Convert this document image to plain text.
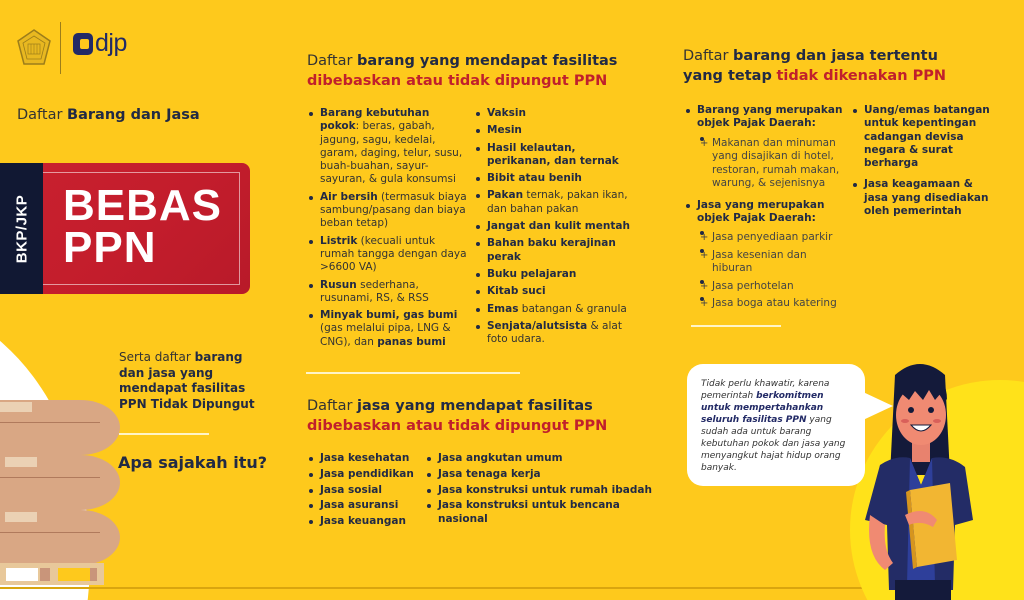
djp
Daftar Barang dan Jasa
BKP/JKP BEBAS
PPN
Serta daftar barang dan jasa yang mendapat fasilitas PPN Tidak Dipungut
Apa sajakah itu?
Daftar barang yang mendapat fasilitas
dibebaskan atau tidak dipungut PPN
Barang kebutuhan pokok: beras, gabah, jagung, sagu, kedelai, garam, daging, telur, susu, buah-buahan, sayur-sayuran, & gula konsumsi
Air bersih (termasuk biaya sambung/pasang dan biaya beban tetap)
Listrik (kecuali untuk rumah tangga dengan daya >6600 VA)
Rusun sederhana, rusunami, RS, & RSS
Minyak bumi, gas bumi (gas melalui pipa, LNG & CNG), dan panas bumi
Vaksin
Mesin
Hasil kelautan, perikanan, dan ternak
Bibit atau benih
Pakan ternak, pakan ikan, dan bahan pakan
Jangat dan kulit mentah
Bahan baku kerajinan perak
Buku pelajaran
Kitab suci
Emas batangan & granula
Senjata/alutsista & alat foto udara.
Daftar jasa yang mendapat fasilitas
dibebaskan atau tidak dipungut PPN
Jasa kesehatan
Jasa pendidikan
Jasa sosial
Jasa asuransi
Jasa keuangan
Jasa angkutan umum
Jasa tenaga kerja
Jasa konstruksi untuk rumah ibadah
Jasa konstruksi untuk bencana nasional
Daftar barang dan jasa tertentu
yang tetap tidak dikenakan PPN
Barang yang merupakan objek Pajak Daerah:
+ Makanan dan minuman yang disajikan di hotel, restoran, rumah makan, warung, & sejenisnya
Jasa yang merupakan objek Pajak Daerah:
+ Jasa penyediaan parkir
+ Jasa kesenian dan hiburan
+ Jasa perhotelan
+ Jasa boga atau katering
Uang/emas batangan untuk kepentingan cadangan devisa negara & surat berharga
Jasa keagamaan & jasa yang disediakan oleh pemerintah
Tidak perlu khawatir, karena pemerintah berkomitmen untuk mempertahankan seluruh fasilitas PPN yang sudah ada untuk barang kebutuhan pokok dan jasa yang menyangkut hajat hidup orang banyak.
